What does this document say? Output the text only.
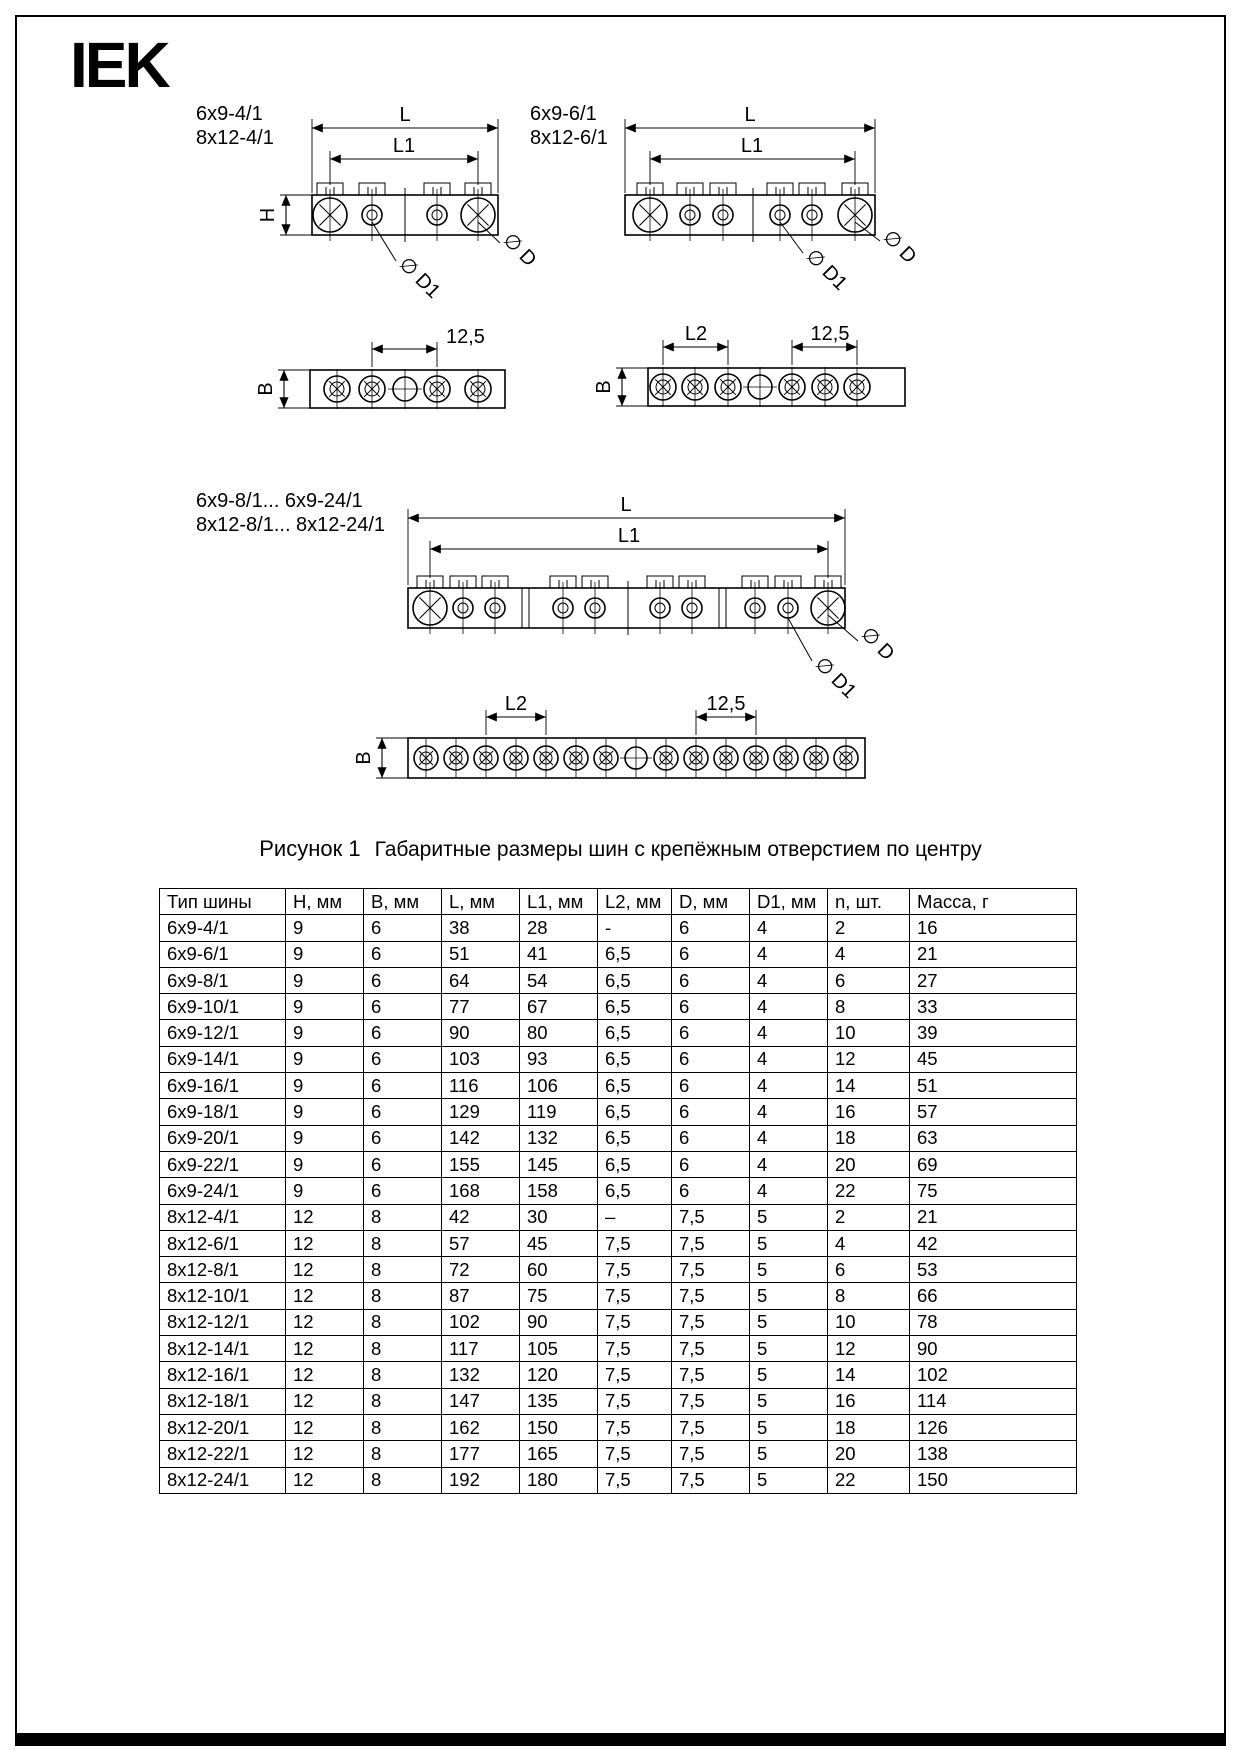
IEK
6x9-4/1
8x12-4/1
L
L1
H
∅ D1
∅ D
B
12,5
6x9-6/1
8x12-6/1
L
L1
∅ D1 ∅ D
B
L2	12,5
6x9-8/1... 6x9-24/1
8x12-8/1... 8x12-24/1
L
L1
∅ D
∅ D1
B
L2	12,5
Рисунок 1 Габаритные размеры шин с крепёжным отверстием по центру
Тип шины	Н, мм	В, мм	L, мм	L1, мм	L2, мм	D, мм	D1, мм	n, шт.	Масса, г
6x9-4/1	9	6	38	28	-	6	4	2	16
6x9-6/1	9	6	51	41	6,5	6	4	4	21
6x9-8/1	9	6	64	54	6,5	6	4	6	27
6x9-10/1	9	6	77	67	6,5	6	4	8	33
6x9-12/1	9	6	90	80	6,5	6	4	10	39
6x9-14/1	9	6	103	93	6,5	6	4	12	45
6x9-16/1	9	6	116	106	6,5	6	4	14	51
6x9-18/1	9	6	129	119	6,5	6	4	16	57
6x9-20/1	9	6	142	132	6,5	6	4	18	63
6x9-22/1	9	6	155	145	6,5	6	4	20	69
6x9-24/1	9	6	168	158	6,5	6	4	22	75
8x12-4/1	12	8	42	30	–	7,5	5	2	21
8x12-6/1	12	8	57	45	7,5	7,5	5	4	42
8x12-8/1	12	8	72	60	7,5	7,5	5	6	53
8x12-10/1	12	8	87	75	7,5	7,5	5	8	66
8x12-12/1	12	8	102	90	7,5	7,5	5	10	78
8x12-14/1	12	8	117	105	7,5	7,5	5	12	90
8x12-16/1	12	8	132	120	7,5	7,5	5	14	102
8x12-18/1	12	8	147	135	7,5	7,5	5	16	114
8x12-20/1	12	8	162	150	7,5	7,5	5	18	126
8x12-22/1	12	8	177	165	7,5	7,5	5	20	138
8x12-24/1	12	8	192	180	7,5	7,5	5	22	150
